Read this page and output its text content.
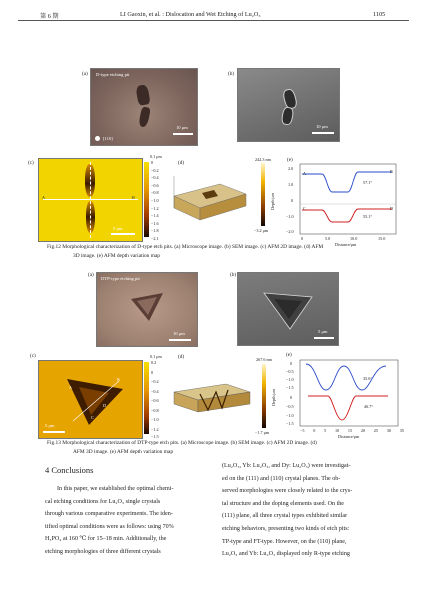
第 6 期	LI Gaoxin, et al. : Dislocation and Wet Etching of Lu₂O₃	1105
(a) D-type etching pit
10 μm
[110]
(b)
10 μm
(c)
A	B
5 μm
0.1 μm
0
−0.2
−0.4
−0.6
−0.8
−1.0
−1.2
−1.4
−1.6
−1.8
−2.1
(d)
242.3 nm
−3.2 μm
(e)
A	B
C	D
57.1°
55.1°
2.0
1.0
0
−1.0
−2.0
0	5.0	10.0	15.0
Depth/μm
Distance/μm
Fig.12 Morphological characterization of D-type etch pits. (a) Microscope image. (b) SEM image. (c) AFM 2D image. (d) AFM
3D image. (e) AFM depth variation map
(a)
DTP-type etching pit
10 μm
(b)
5 μm
(c)
A
B
C
D
5 μm
0.1 μm
0.2
0
−0.2
−0.4
−0.6
−0.8
−1.0
−1.2
−1.5
(d)	267.6 nm
−1.7 μm
(e)
35.6°
46.7°
0
−0.5
−1.0
−1.5
0
−0.5
−1.0
−1.5
−5 0 5 10 15 20 25 30 35
Depth/μm
Distance/μm
Fig.13 Morphological characterization of DTP-type etch pits. (a) Microscope image. (b) SEM image. (c) AFM 2D image. (d)
AFM 3D image. (e) AFM depth variation map
4 Conclusions
In this paper, we established the optimal chemi-
cal etching conditions for Lu₂O₃ single crystals
through various comparative experiments. The iden-
tified optimal conditions were as follows: using 70%
H₃PO₄ at 160 ℃ for 15–18 min. Additionally, the
etching morphologies of three different crystals
(Lu₂O₃, Yb: Lu₂O₃, and Dy: Lu₂O₃) were investigat-
ed on the (111) and (110) crystal planes. The ob-
served morphologies were closely related to the crys-
tal structure and the doping elements used. On the
(111) plane, all three crystal types exhibited similar
etching behaviors, presenting two kinds of etch pits:
TP-type and FT-type. However, on the (110) plane,
Lu₂O₃ and Yb: Lu₂O₃ displayed only R-type etching
